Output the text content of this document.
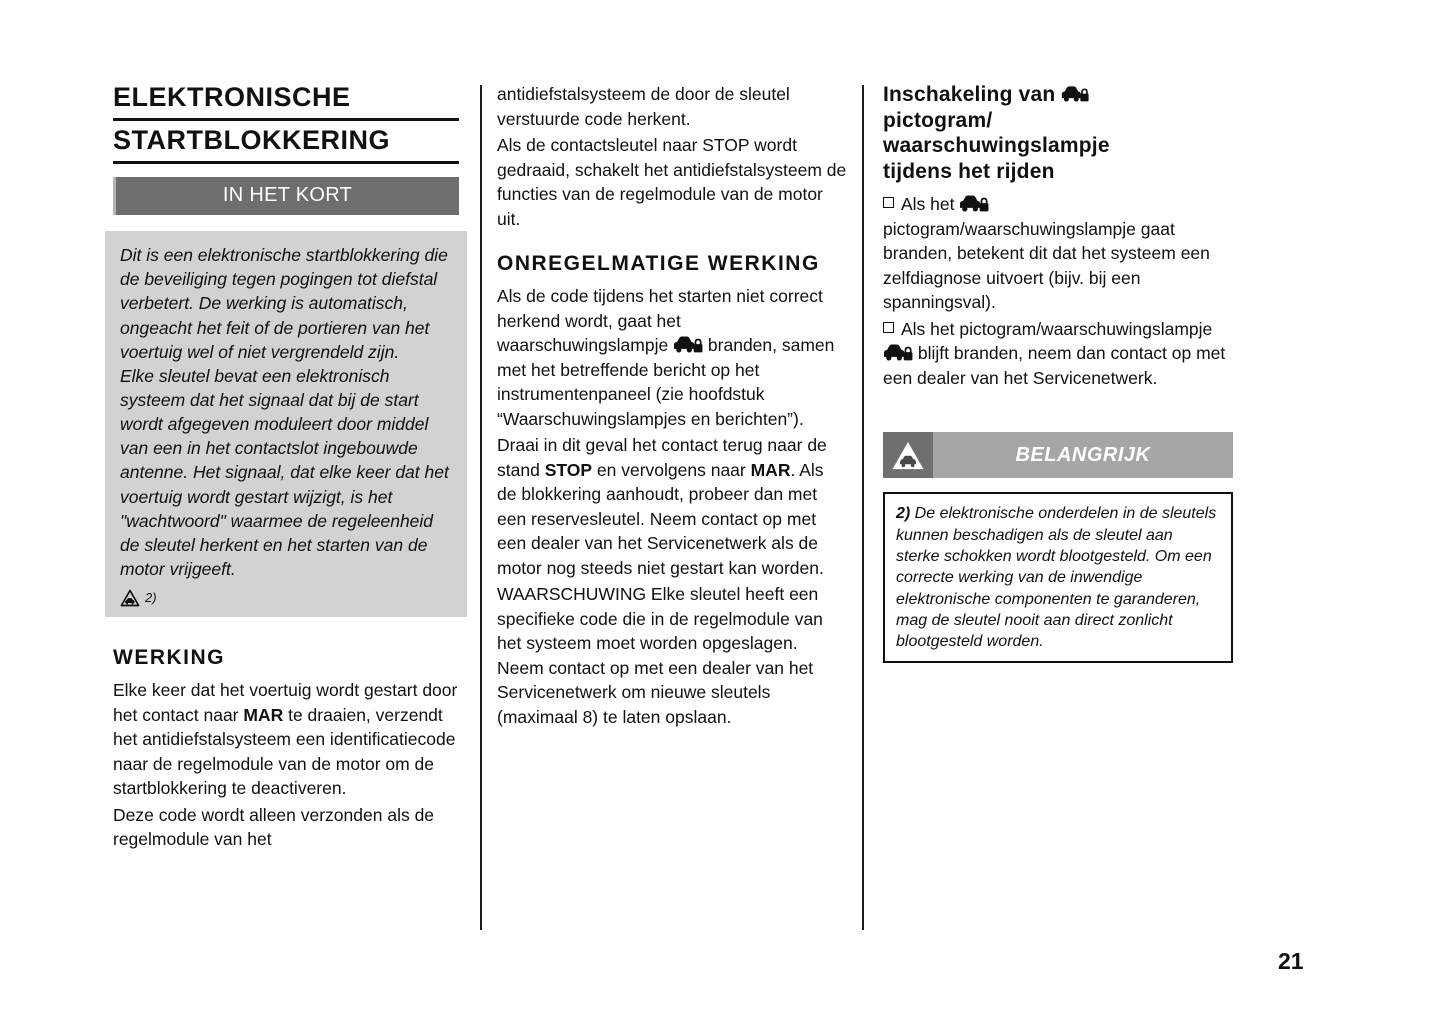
ELEKTRONISCHE
STARTBLOKKERING
IN HET KORT

Dit is een elektronische startblokkering die de beveiliging tegen pogingen tot diefstal verbetert. De werking is automatisch, ongeacht het feit of de portieren van het voertuig wel of niet vergrendeld zijn.

Elke sleutel bevat een elektronisch systeem dat het signaal dat bij de start wordt afgegeven moduleert door middel van een in het contactslot ingebouwde antenne. Het signaal, dat elke keer dat het voertuig wordt gestart wijzigt, is het "wachtwoord" waarmee de regeleenheid de sleutel herkent en het starten van de motor vrijgeeft.

2)
WERKING

Elke keer dat het voertuig wordt gestart door het contact naar MAR te draaien, verzendt het antidiefstalsysteem een identificatiecode naar de regelmodule van de motor om de startblokkering te deactiveren.

Deze code wordt alleen verzonden als de regelmodule van het

antidiefstalsysteem de door de sleutel verstuurde code herkent.

Als de contactsleutel naar STOP wordt gedraaid, schakelt het antidiefstalsysteem de functies van de regelmodule van de motor uit.

ONREGELMATIGE WERKING

Als de code tijdens het starten niet correct herkend wordt, gaat het waarschuwingslampje  branden, samen met het betreffende bericht op het instrumentenpaneel (zie hoofdstuk “Waarschuwingslampjes en berichten”).

Draai in dit geval het contact terug naar de stand STOP en vervolgens naar MAR. Als de blokkering aanhoudt, probeer dan met een reservesleutel. Neem contact op met een dealer van het Servicenetwerk als de motor nog steeds niet gestart kan worden.

WAARSCHUWING Elke sleutel heeft een specifieke code die in de regelmodule van het systeem moet worden opgeslagen. Neem contact op met een dealer van het Servicenetwerk om nieuwe sleutels (maximaal 8) te laten opslaan.

Inschakeling van
pictogram/
waarschuwingslampje
tijdens het rijden

Als het  pictogram/waarschuwingslampje gaat branden, betekent dit dat het systeem een zelfdiagnose uitvoert (bijv. bij een spanningsval).

Als het pictogram/waarschuwingslampje  blijft branden, neem dan contact op met een dealer van het Servicenetwerk.

BELANGRIJK
2) De elektronische onderdelen in de sleutels kunnen beschadigen als de sleutel aan sterke schokken wordt blootgesteld. Om een correcte werking van de inwendige elektronische componenten te garanderen, mag de sleutel nooit aan direct zonlicht blootgesteld worden.
21
